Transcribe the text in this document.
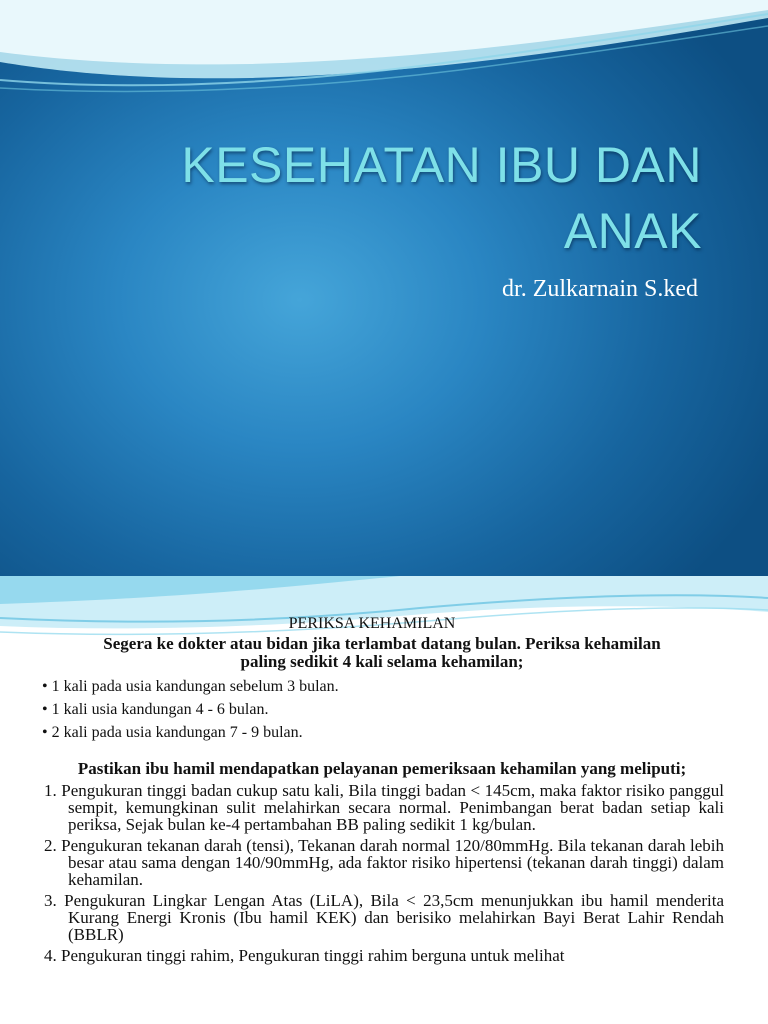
KESEHATAN IBU DAN ANAK
dr. Zulkarnain S.ked
PERIKSA KEHAMILAN
Segera ke dokter atau bidan jika terlambat datang bulan. Periksa kehamilan paling sedikit 4 kali selama kehamilan;
• 1 kali pada usia kandungan sebelum 3 bulan.
• 1 kali usia kandungan 4 - 6 bulan.
• 2 kali pada usia kandungan 7 - 9 bulan.
Pastikan ibu hamil mendapatkan pelayanan pemeriksaan kehamilan yang meliputi;
1. Pengukuran tinggi badan cukup satu kali, Bila tinggi badan < 145cm, maka faktor risiko panggul sempit, kemungkinan sulit melahirkan secara normal. Penimbangan berat badan setiap kali periksa, Sejak bulan ke-4 pertambahan BB paling sedikit 1 kg/bulan.
2. Pengukuran tekanan darah (tensi), Tekanan darah normal 120/80mmHg. Bila tekanan darah lebih besar atau sama dengan 140/90mmHg, ada faktor risiko hipertensi (tekanan darah tinggi) dalam kehamilan.
3. Pengukuran Lingkar Lengan Atas (LiLA), Bila < 23,5cm menunjukkan ibu hamil menderita Kurang Energi Kronis (Ibu hamil KEK) dan berisiko melahirkan Bayi Berat Lahir Rendah (BBLR)
4. Pengukuran tinggi rahim, Pengukuran tinggi rahim berguna untuk melihat
